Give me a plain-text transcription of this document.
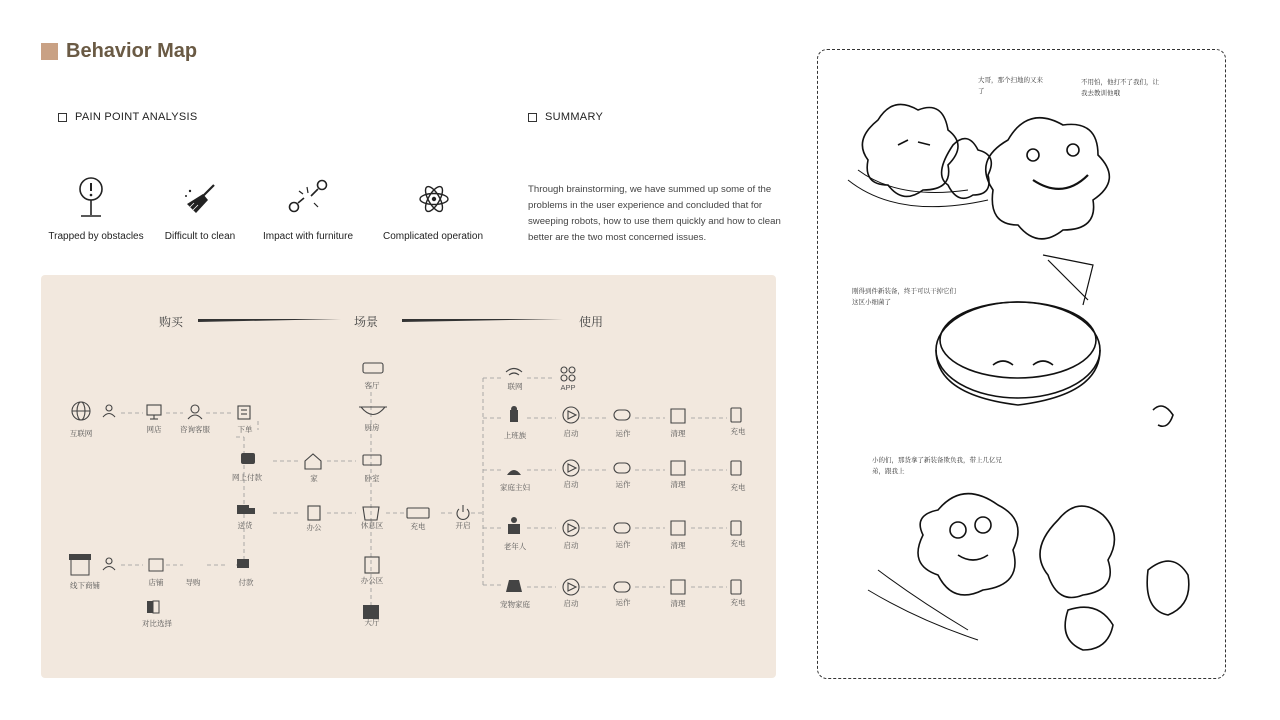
Behavior Map
PAIN POINT ANALYSIS	SUMMARY
Trapped by obstacles	Difficult to clean	Impact with furniture	Complicated operation
Through brainstorming, we have summed up some of the problems in the user experience and concluded that for sweeping robots, how to use them quickly and how to clean better are the two most concerned issues.
购买	场景	使用
互联网	网店 咨询客服	下单
网上付款
送货
线下商铺	店铺	导购	付款
对比选择
家
办公
客厅
厨房
卧室
休息区
办公区
大厅
充电	开启
联网	APP
上班族
家庭主妇
老年人
宠物家庭
启动	运作	清理	充电
启动	运作	清理	充电
启动	运作	清理	充电
启动	运作	清理	充电
大哥，那个扫地的又来了
不用怕，他打不了我们，让我去教训他哦
刚得到件新装备，终于可以干掉它们这区小细菌了
小的们，那货拿了新装备欺负我，带上几亿兄弟，跟我上
